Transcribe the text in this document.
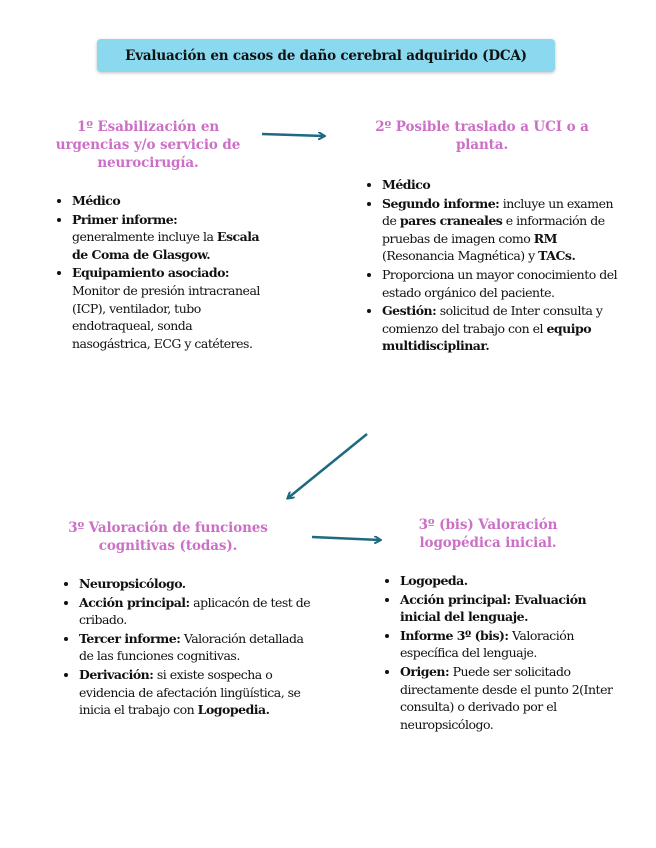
Evaluación en casos de daño cerebral adquirido (DCA)
1º Esabilización en urgencias y/o servicio de neurocirugía.
2º Posible traslado a UCI o a planta.
3º Valoración de funciones cognitivas (todas).
3º (bis) Valoración logopédica inicial.
• Médico
• Primer informe: generalmente incluye la Escala de Coma de Glasgow.
• Equipamiento asociado: Monitor de presión intracraneal (ICP), ventilador, tubo endotraqueal, sonda nasogástrica, ECG y catéteres.
• Médico
• Segundo informe: incluye un examen de pares craneales e información de pruebas de imagen como RM (Resonancia Magnética) y TACs.
• Proporciona un mayor conocimiento del estado orgánico del paciente.
• Gestión: solicitud de Inter consulta y comienzo del trabajo con el equipo multidisciplinar.
• Neuropsicólogo.
• Acción principal: aplicacón de test de cribado.
• Tercer informe: Valoración detallada de las funciones cognitivas.
• Derivación: si existe sospecha o evidencia de afectación lingüística, se inicia el trabajo con Logopedia.
• Logopeda.
• Acción principal: Evaluación inicial del lenguaje.
• Informe 3º (bis): Valoración específica del lenguaje.
• Origen: Puede ser solicitado directamente desde el punto 2(Inter consulta) o derivado por el neuropsicólogo.
